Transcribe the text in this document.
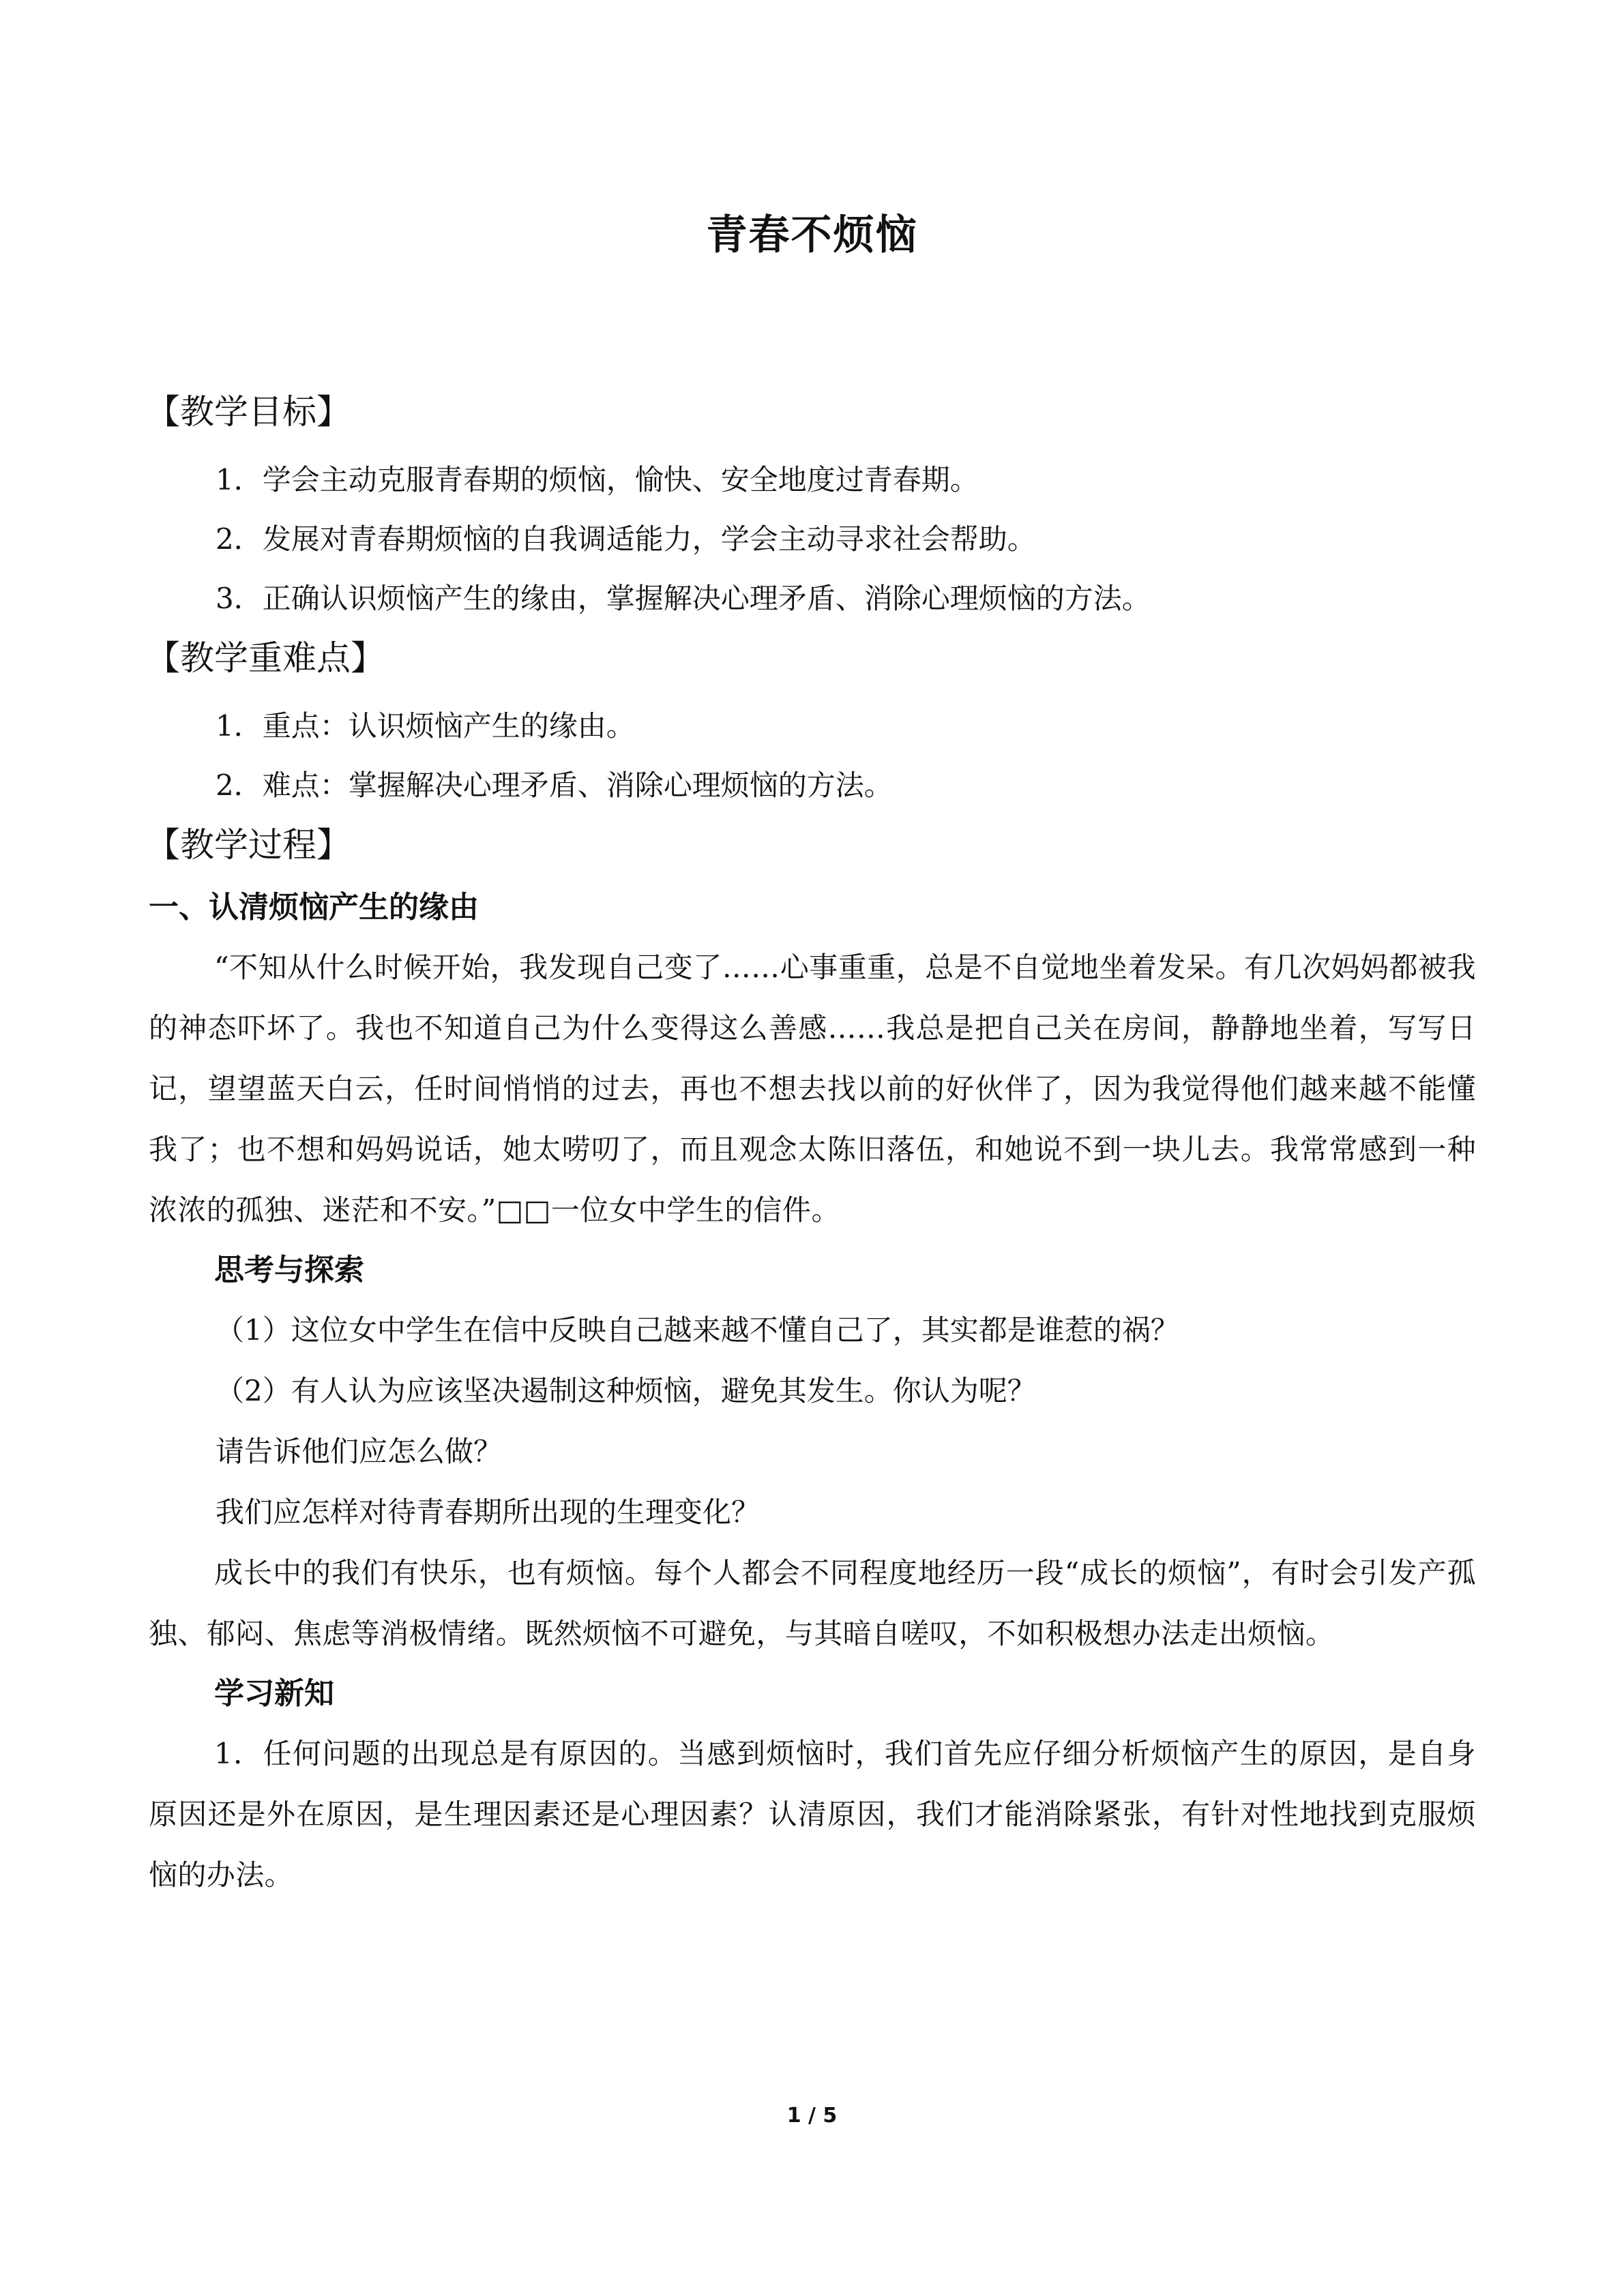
青春不烦恼
【教学目标】
1．学会主动克服青春期的烦恼，愉快、安全地度过青春期。
2．发展对青春期烦恼的自我调适能力，学会主动寻求社会帮助。
3．正确认识烦恼产生的缘由，掌握解决心理矛盾、消除心理烦恼的方法。
【教学重难点】
1．重点：认识烦恼产生的缘由。
2．难点：掌握解决心理矛盾、消除心理烦恼的方法。
【教学过程】
一、认清烦恼产生的缘由
“不知从什么时候开始，我发现自己变了……心事重重，总是不自觉地坐着发呆。有几次妈妈都被我的神态吓坏了。我也不知道自己为什么变得这么善感……我总是把自己关在房间，静静地坐着，写写日记，望望蓝天白云，任时间悄悄的过去，再也不想去找以前的好伙伴了，因为我觉得他们越来越不能懂我了；也不想和妈妈说话，她太唠叨了，而且观念太陈旧落伍，和她说不到一块儿去。我常常感到一种浓浓的孤独、迷茫和不安。”□□一位女中学生的信件。
思考与探索
（1）这位女中学生在信中反映自己越来越不懂自己了，其实都是谁惹的祸？
（2）有人认为应该坚决遏制这种烦恼，避免其发生。你认为呢？
请告诉他们应怎么做？
我们应怎样对待青春期所出现的生理变化？
成长中的我们有快乐，也有烦恼。每个人都会不同程度地经历一段“成长的烦恼”，有时会引发产孤独、郁闷、焦虑等消极情绪。既然烦恼不可避免，与其暗自嗟叹，不如积极想办法走出烦恼。
学习新知
1．任何问题的出现总是有原因的。当感到烦恼时，我们首先应仔细分析烦恼产生的原因，是自身原因还是外在原因，是生理因素还是心理因素？认清原因，我们才能消除紧张，有针对性地找到克服烦恼的办法。
1 / 5
